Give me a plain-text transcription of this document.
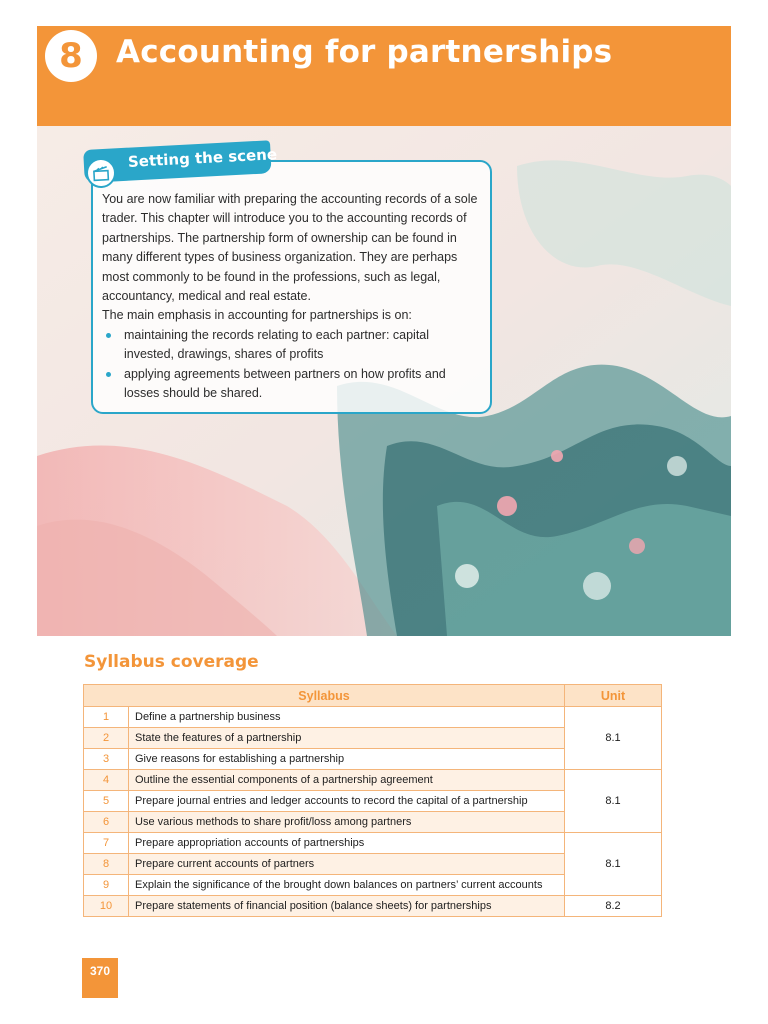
8	Accounting for partnerships
Setting the scene

You are now familiar with preparing the accounting records of a sole trader. This chapter will introduce you to the accounting records of partnerships. The partnership form of ownership can be found in many different types of business organization. They are perhaps most commonly to be found in the professions, such as legal, accountancy, medical and real estate.

The main emphasis in accounting for partnerships is on:

maintaining the records relating to each partner: capital invested, drawings, shares of profits
applying agreements between partners on how profits and losses should be shared.
Syllabus coverage
Syllabus		Unit
1	Define a partnership business	8.1
2	State the features of a partnership	
3	Give reasons for establishing a partnership	
4	Outline the essential components of a partnership agreement	8.1
5	Prepare journal entries and ledger accounts to record the capital of a partnership	
6	Use various methods to share profit/loss among partners	
7	Prepare appropriation accounts of partnerships	8.1
8	Prepare current accounts of partners	
9	Explain the significance of the brought down balances on partners’ current accounts	
10	Prepare statements of financial position (balance sheets) for partnerships	8.2
370
